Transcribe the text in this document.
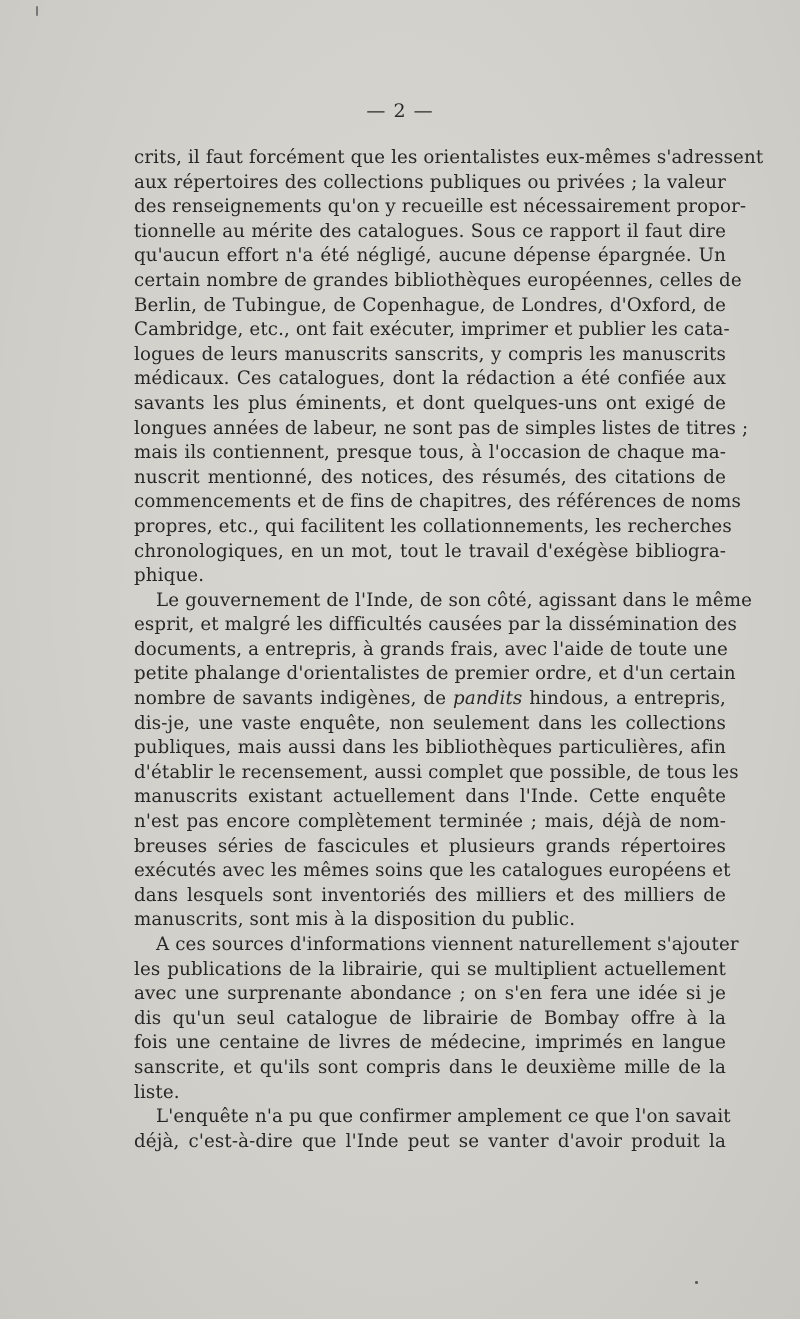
— 2 —
crits, il faut forcément que les orientalistes eux-mêmes s'adressent
aux répertoires des collections publiques ou privées ; la valeur
des renseignements qu'on y recueille est nécessairement propor-
tionnelle au mérite des catalogues. Sous ce rapport il faut dire
qu'aucun effort n'a été négligé, aucune dépense épargnée. Un
certain nombre de grandes bibliothèques européennes, celles de
Berlin, de Tubingue, de Copenhague, de Londres, d'Oxford, de
Cambridge, etc., ont fait exécuter, imprimer et publier les cata-
logues de leurs manuscrits sanscrits, y compris les manuscrits
médicaux. Ces catalogues, dont la rédaction a été confiée aux
savants les plus éminents, et dont quelques-uns ont exigé de
longues années de labeur, ne sont pas de simples listes de titres ;
mais ils contiennent, presque tous, à l'occasion de chaque ma-
nuscrit mentionné, des notices, des résumés, des citations de
commencements et de fins de chapitres, des références de noms
propres, etc., qui facilitent les collationnements, les recherches
chronologiques, en un mot, tout le travail d'exégèse bibliogra-
phique.
Le gouvernement de l'Inde, de son côté, agissant dans le même
esprit, et malgré les difficultés causées par la dissémination des
documents, a entrepris, à grands frais, avec l'aide de toute une
petite phalange d'orientalistes de premier ordre, et d'un certain
nombre de savants indigènes, de pandits hindous, a entrepris,
dis-je, une vaste enquête, non seulement dans les collections
publiques, mais aussi dans les bibliothèques particulières, afin
d'établir le recensement, aussi complet que possible, de tous les
manuscrits existant actuellement dans l'Inde. Cette enquête
n'est pas encore complètement terminée ; mais, déjà de nom-
breuses séries de fascicules et plusieurs grands répertoires
exécutés avec les mêmes soins que les catalogues européens et
dans lesquels sont inventoriés des milliers et des milliers de
manuscrits, sont mis à la disposition du public.
A ces sources d'informations viennent naturellement s'ajouter
les publications de la librairie, qui se multiplient actuellement
avec une surprenante abondance ; on s'en fera une idée si je
dis qu'un seul catalogue de librairie de Bombay offre à la
fois une centaine de livres de médecine, imprimés en langue
sanscrite, et qu'ils sont compris dans le deuxième mille de la
liste.
L'enquête n'a pu que confirmer amplement ce que l'on savait
déjà, c'est-à-dire que l'Inde peut se vanter d'avoir produit la
